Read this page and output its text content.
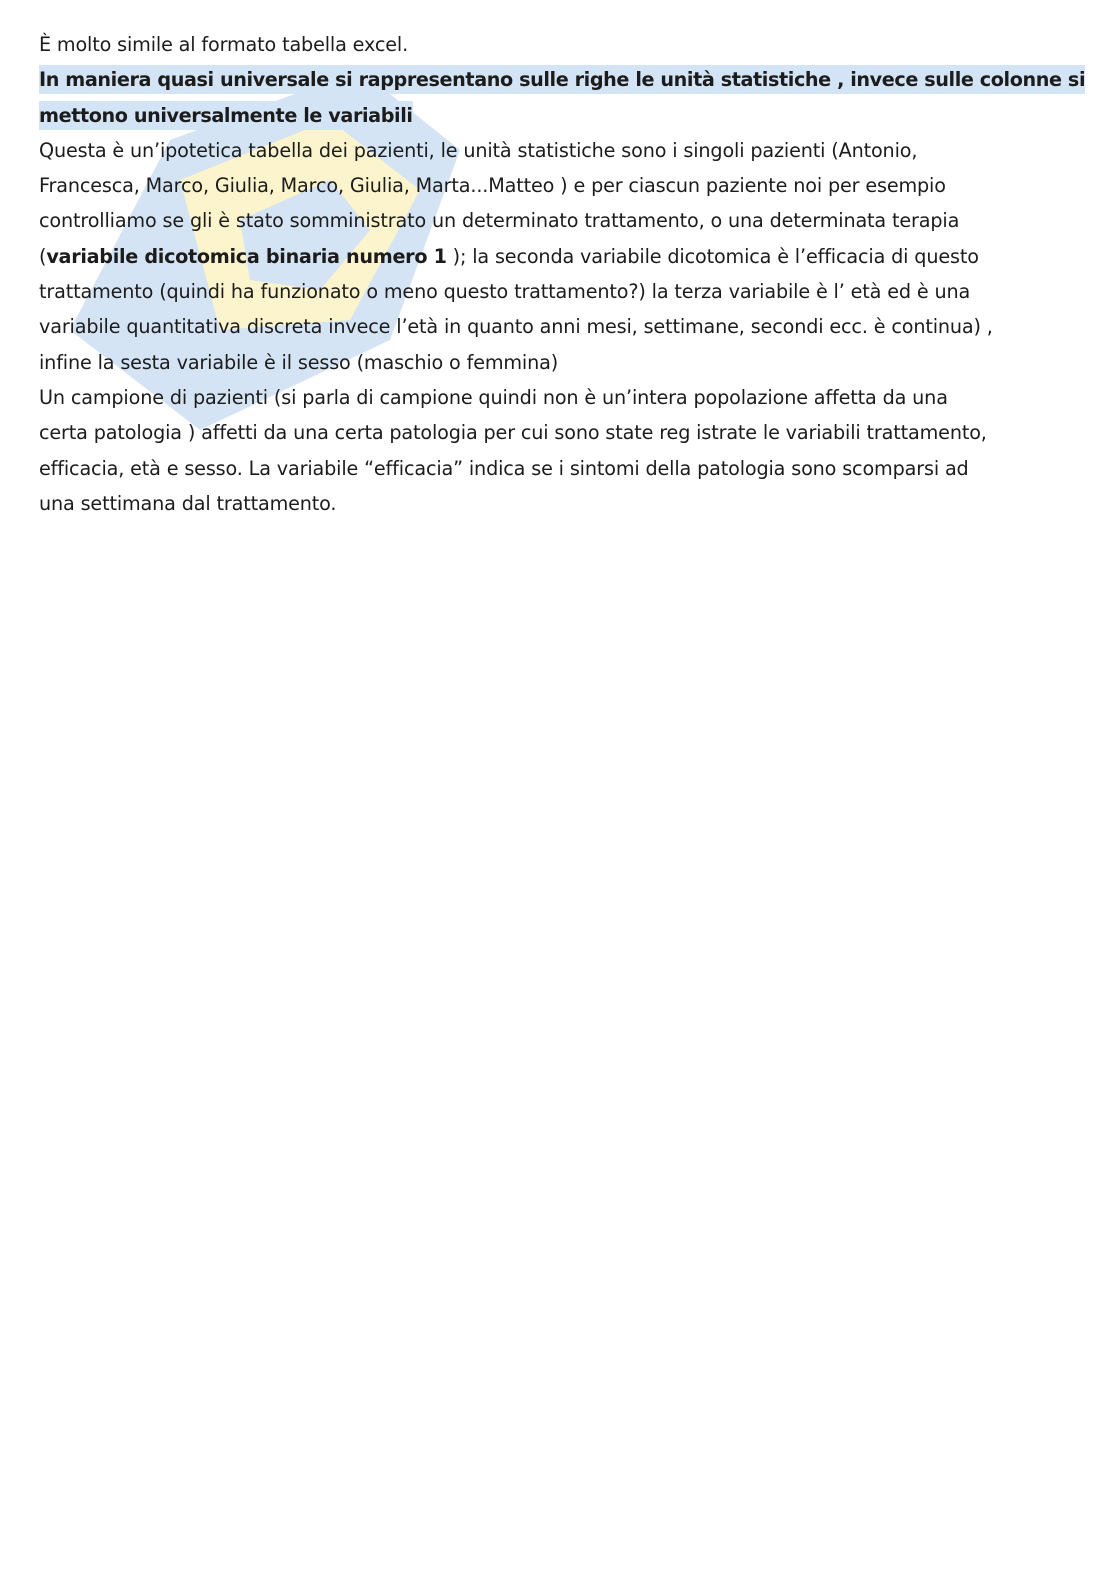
È molto simile al formato tabella excel.

In maniera quasi universale si rappresentano sulle righe le unità statistiche , invece sulle colonne si

mettono universalmente le variabili

Questa è un’ipotetica tabella dei pazienti, le unità statistiche sono i singoli pazienti (Antonio,

Francesca, Marco, Giulia, Marco, Giulia, Marta...Matteo ) e per ciascun paziente noi per esempio

controlliamo se gli è stato somministrato un determinato trattamento, o una determinata terapia

(variabile dicotomica binaria numero 1 ); la seconda variabile dicotomica è l’efficacia di questo

trattamento (quindi ha funzionato o meno questo trattamento?) la terza variabile è l’ età ed è una

variabile quantitativa discreta invece l’età in quanto anni mesi, settimane, secondi ecc. è continua) ,

infine la sesta variabile è il sesso (maschio o femmina)

Un campione di pazienti (si parla di campione quindi non è un’intera popolazione affetta da una

certa patologia ) affetti da una certa patologia per cui sono state reg istrate le variabili trattamento,

efficacia, età e sesso. La variabile “efficacia” indica se i sintomi della patologia sono scomparsi ad

una settimana dal trattamento.
